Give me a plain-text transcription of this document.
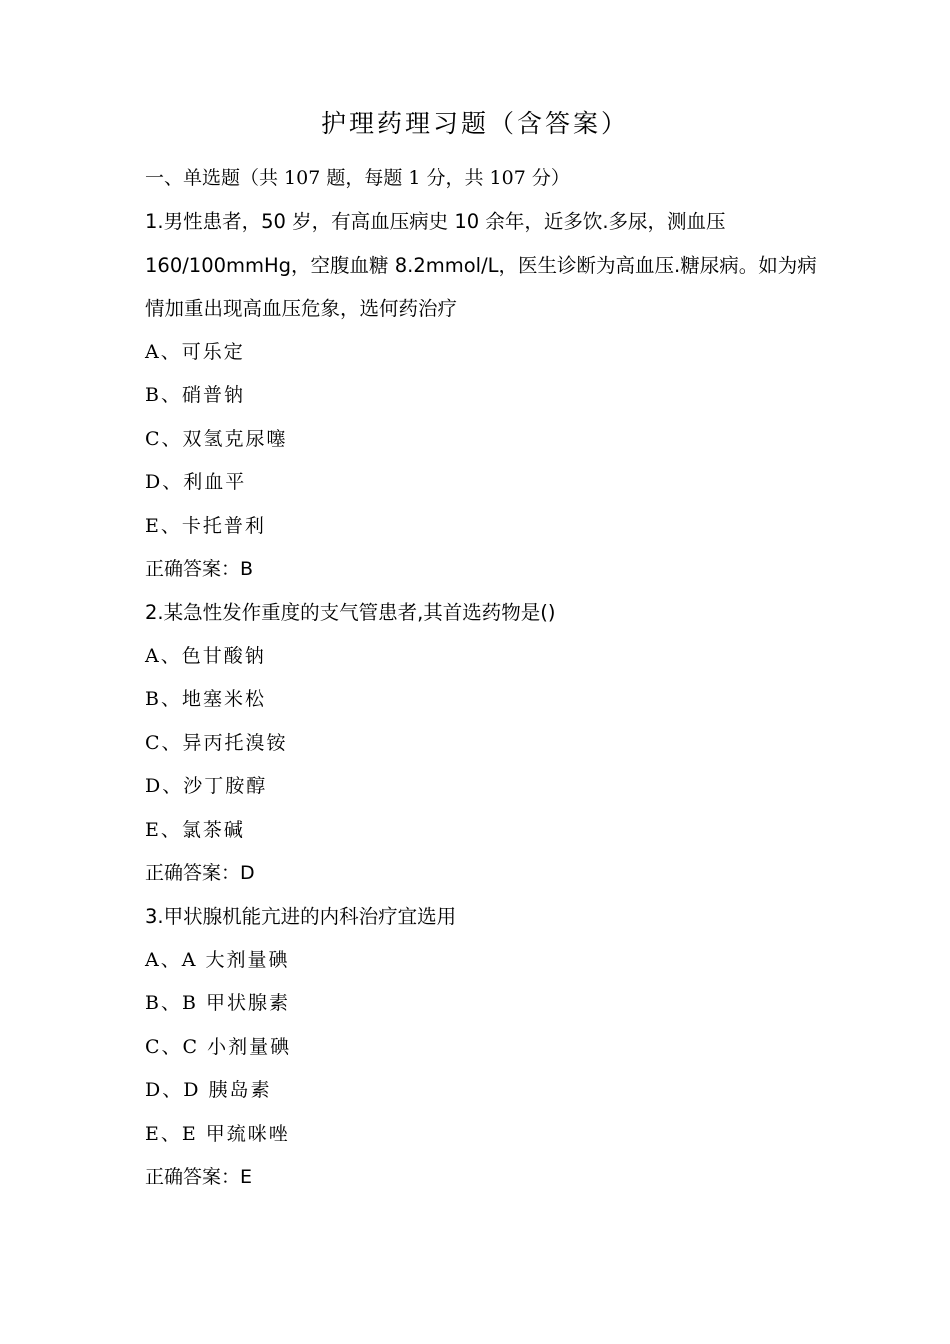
护理药理习题（含答案）
一、单选题（共 107 题，每题 1 分，共 107 分）
1.男性患者，50 岁，有高血压病史 10 余年，近多饮.多尿，测血压 160/100mmHg，空腹血糖 8.2mmol/L，医生诊断为高血压.糖尿病。如为病情加重出现高血压危象，选何药治疗
A、可乐定
B、硝普钠
C、双氢克尿噻
D、利血平
E、卡托普利
正确答案：B
2.某急性发作重度的支气管患者,其首选药物是()
A、色甘酸钠
B、地塞米松
C、异丙托溴铵
D、沙丁胺醇
E、氯茶碱
正确答案：D
3.甲状腺机能亢进的内科治疗宜选用
A、A 大剂量碘
B、B 甲状腺素
C、C 小剂量碘
D、D 胰岛素
E、E 甲巯咪唑
正确答案：E
